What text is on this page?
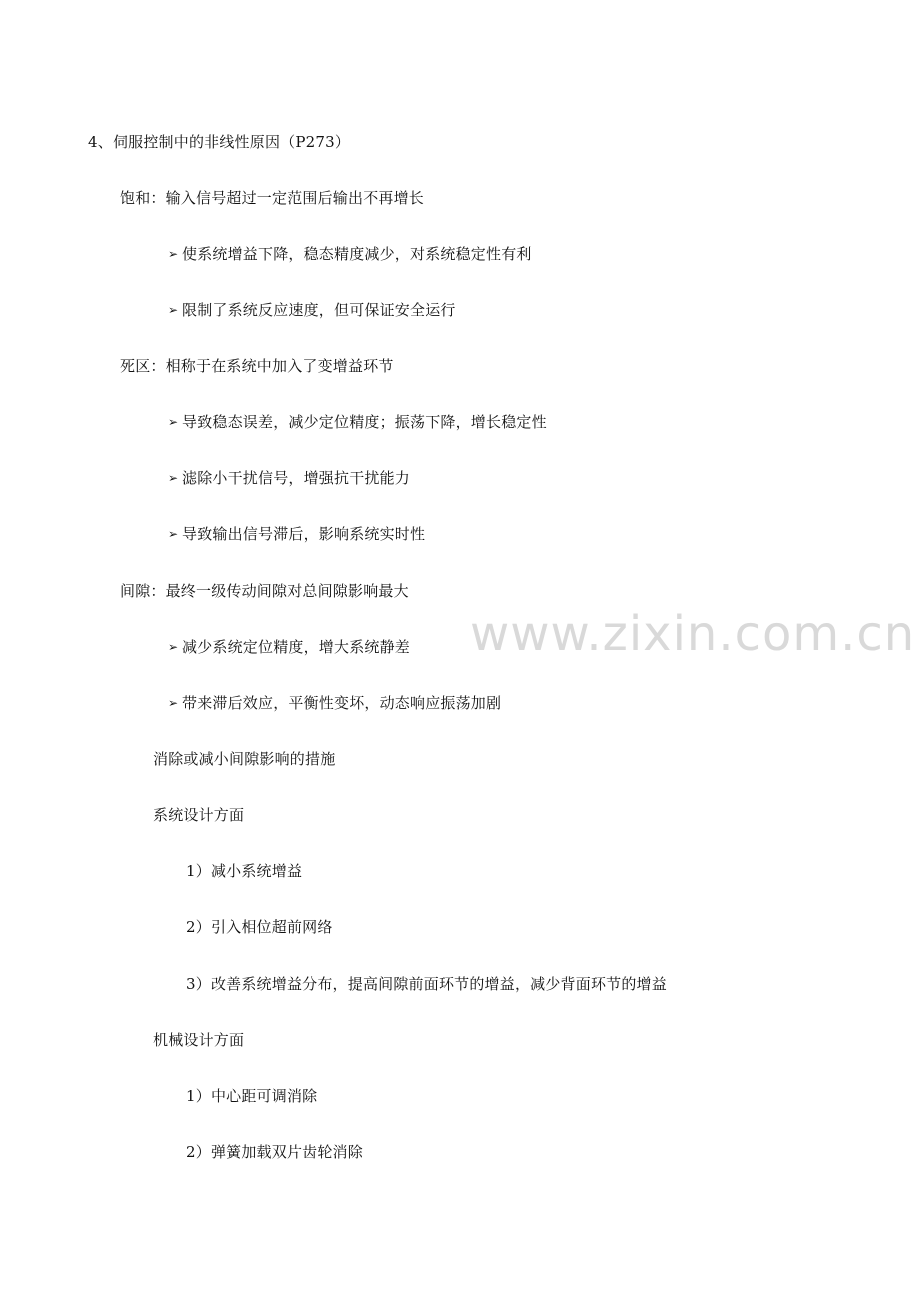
4、伺服控制中的非线性原因（P273）
饱和：输入信号超过一定范围后输出不再增长
➢ 使系统增益下降，稳态精度减少，对系统稳定性有利
➢ 限制了系统反应速度，但可保证安全运行
死区：相称于在系统中加入了变增益环节
➢ 导致稳态误差，减少定位精度；振荡下降，增长稳定性
➢ 滤除小干扰信号，增强抗干扰能力
➢ 导致输出信号滞后，影响系统实时性
间隙：最终一级传动间隙对总间隙影响最大
➢ 减少系统定位精度，增大系统静差
➢ 带来滞后效应，平衡性变坏，动态响应振荡加剧
消除或减小间隙影响的措施
系统设计方面
1）减小系统增益
2）引入相位超前网络
3）改善系统增益分布，提高间隙前面环节的增益，减少背面环节的增益
机械设计方面
1）中心距可调消除
2）弹簧加载双片齿轮消除
www.zixin.com.cn
